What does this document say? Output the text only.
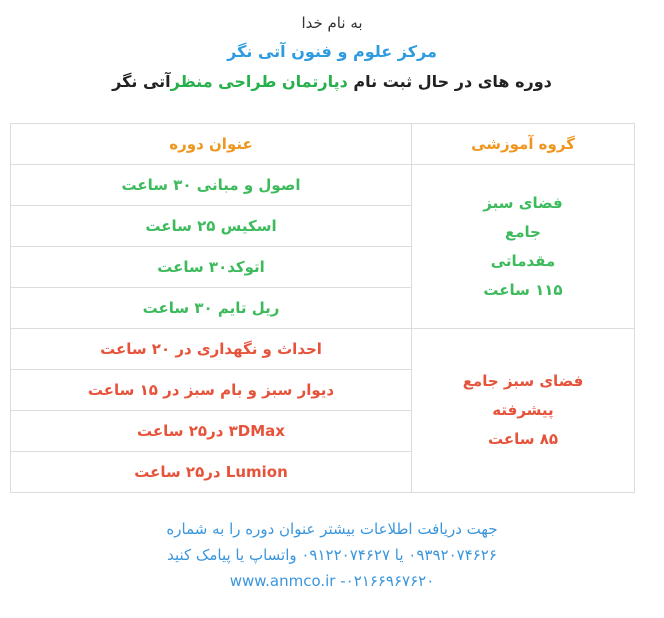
به نام خدا
مرکز علوم و فنون آتی نگر
دوره های در حال ثبت نام دپارتمان طراحی منظرآتی نگر
گروه آموزشی	عنوان دوره

فضای سبز
جامع
مقدماتی
۱۱۵ ساعت	اصول و مبانی ۳۰ ساعت
	اسکیس ۲۵ ساعت
	اتوکد۳۰ ساعت
	ریل تایم ۳۰ ساعت

فضای سبز جامع
پیشرفته
۸۵ ساعت	احداث و نگهداری در ۲۰ ساعت
	دیوار سبز و بام سبز در ۱۵ ساعت
	۳DMax در۲۵ ساعت
	Lumion در۲۵ ساعت
جهت دریافت اطلاعات بیشتر عنوان دوره را به شماره
۰۹۳۹۲۰۷۴۶۲۶ یا ۰۹۱۲۲۰۷۴۶۲۷ واتساپ یا پیامک کنید
www.anmco.ir -۰۲۱۶۶۹۶۷۶۲۰
